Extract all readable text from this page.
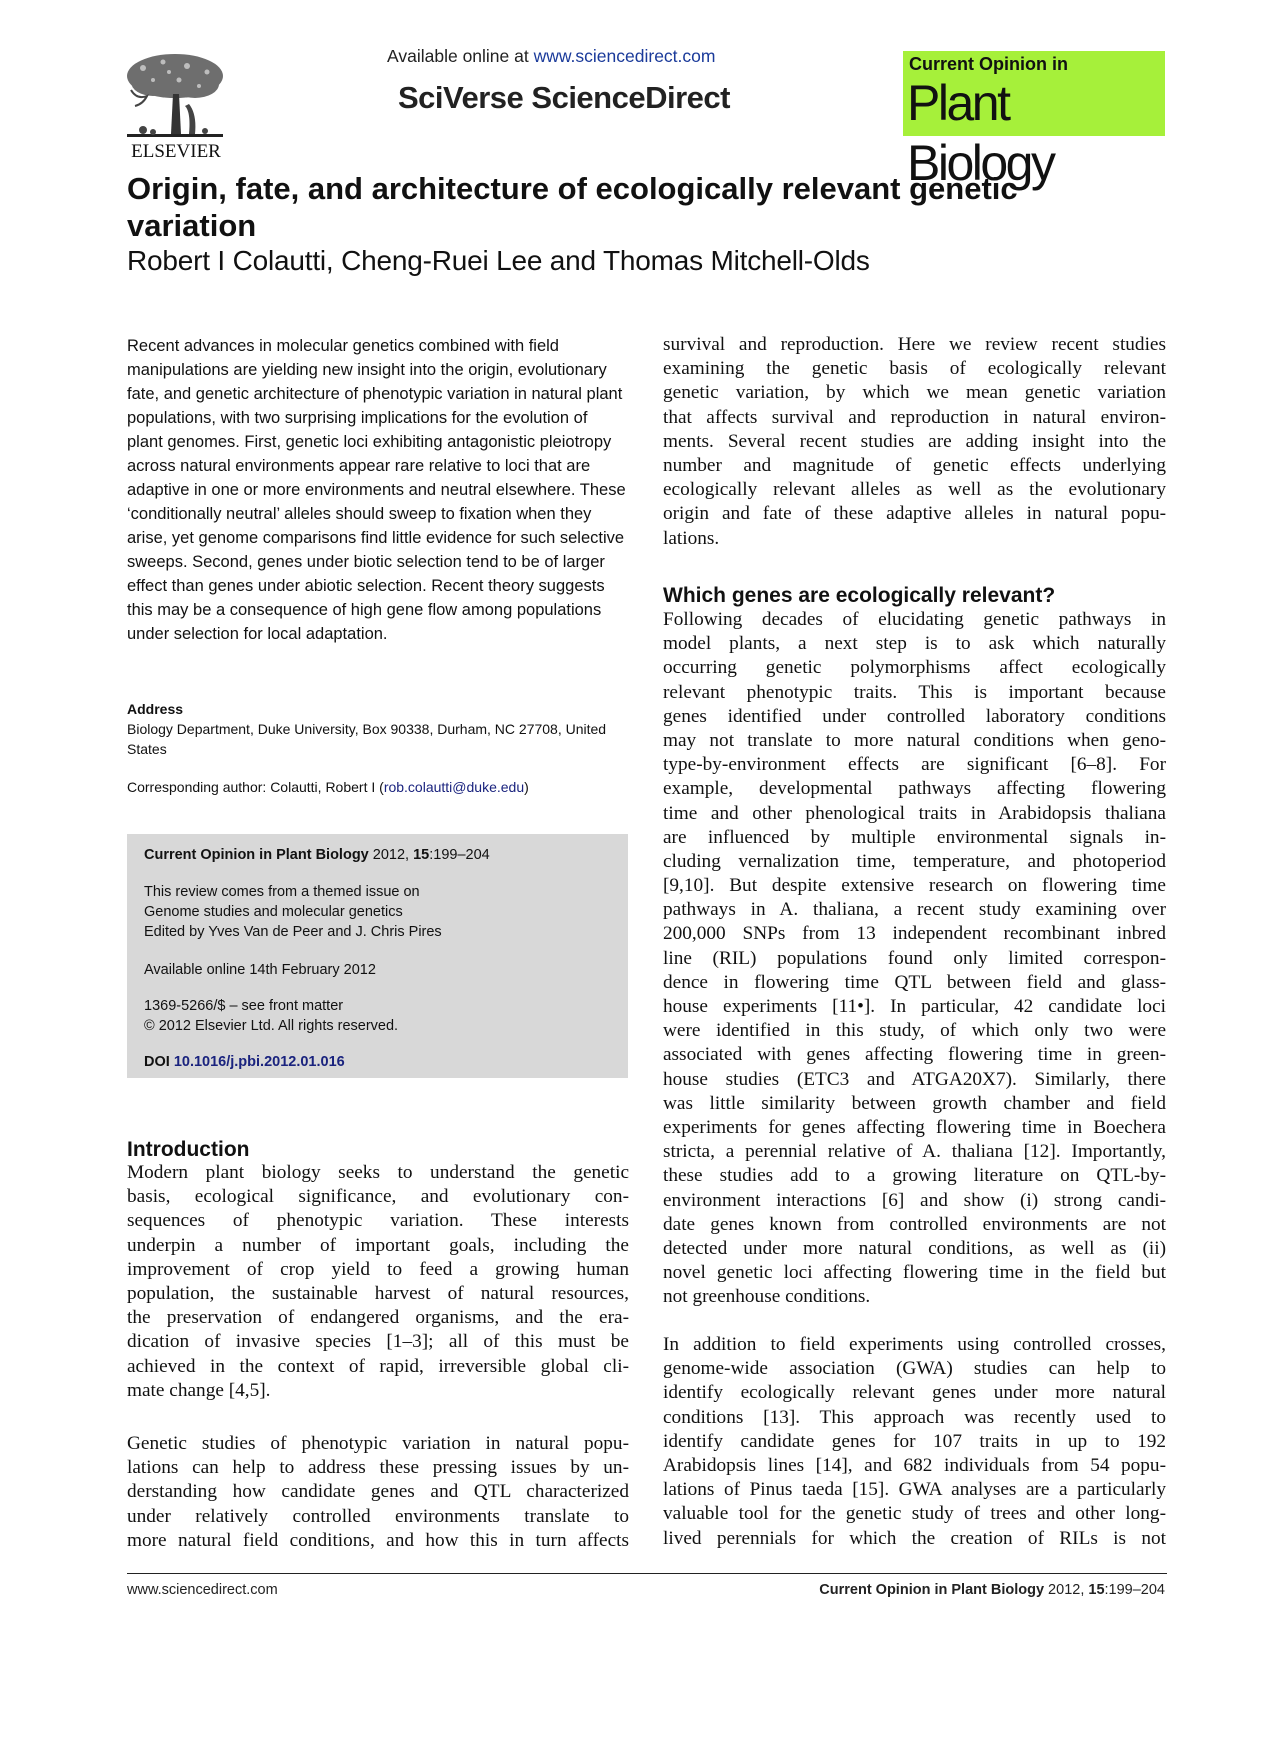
ELSEVIER
Available online at www.sciencedirect.com
SciVerse ScienceDirect
Current Opinion in
Plant Biology
Origin, fate, and architecture of ecologically relevant genetic variation
Robert I Colautti, Cheng-Ruei Lee and Thomas Mitchell-Olds

Recent advances in molecular genetics combined with field manipulations are yielding new insight into the origin, evolutionary fate, and genetic architecture of phenotypic variation in natural plant populations, with two surprising implications for the evolution of plant genomes. First, genetic loci exhibiting antagonistic pleiotropy across natural environments appear rare relative to loci that are adaptive in one or more environments and neutral elsewhere. These ‘conditionally neutral’ alleles should sweep to fixation when they arise, yet genome comparisons find little evidence for such selective sweeps. Second, genes under biotic selection tend to be of larger effect than genes under abiotic selection. Recent theory suggests this may be a consequence of high gene flow among populations under selection for local adaptation.

Address
Biology Department, Duke University, Box 90338, Durham, NC 27708, United States
Corresponding author: Colautti, Robert I (rob.colautti@duke.edu)
Current Opinion in Plant Biology 2012, 15:199–204
This review comes from a themed issue on
Genome studies and molecular genetics
Edited by Yves Van de Peer and J. Chris Pires
Available online 14th February 2012
1369-5266/$ – see front matter
© 2012 Elsevier Ltd. All rights reserved.
DOI 10.1016/j.pbi.2012.01.016
Introduction
Modern plant biology seeks to understand the genetic
basis, ecological significance, and evolutionary con-
sequences of phenotypic variation. These interests
underpin a number of important goals, including the
improvement of crop yield to feed a growing human
population, the sustainable harvest of natural resources,
the preservation of endangered organisms, and the era-
dication of invasive species [1–3]; all of this must be
achieved in the context of rapid, irreversible global cli-
mate change [4,5].
Genetic studies of phenotypic variation in natural popu-
lations can help to address these pressing issues by un-
derstanding how candidate genes and QTL characterized
under relatively controlled environments translate to
more natural field conditions, and how this in turn affects
survival and reproduction. Here we review recent studies
examining the genetic basis of ecologically relevant
genetic variation, by which we mean genetic variation
that affects survival and reproduction in natural environ-
ments. Several recent studies are adding insight into the
number and magnitude of genetic effects underlying
ecologically relevant alleles as well as the evolutionary
origin and fate of these adaptive alleles in natural popu-
lations.
Which genes are ecologically relevant?
Following decades of elucidating genetic pathways in
model plants, a next step is to ask which naturally
occurring genetic polymorphisms affect ecologically
relevant phenotypic traits. This is important because
genes identified under controlled laboratory conditions
may not translate to more natural conditions when geno-
type-by-environment effects are significant [6–8]. For
example, developmental pathways affecting flowering
time and other phenological traits in Arabidopsis thaliana
are influenced by multiple environmental signals in-
cluding vernalization time, temperature, and photoperiod
[9,10]. But despite extensive research on flowering time
pathways in A. thaliana, a recent study examining over
200,000 SNPs from 13 independent recombinant inbred
line (RIL) populations found only limited correspon-
dence in flowering time QTL between field and glass-
house experiments [11•]. In particular, 42 candidate loci
were identified in this study, of which only two were
associated with genes affecting flowering time in green-
house studies (ETC3 and ATGA20X7). Similarly, there
was little similarity between growth chamber and field
experiments for genes affecting flowering time in Boechera
stricta, a perennial relative of A. thaliana [12]. Importantly,
these studies add to a growing literature on QTL-by-
environment interactions [6] and show (i) strong candi-
date genes known from controlled environments are not
detected under more natural conditions, as well as (ii)
novel genetic loci affecting flowering time in the field but
not greenhouse conditions.
In addition to field experiments using controlled crosses,
genome-wide association (GWA) studies can help to
identify ecologically relevant genes under more natural
conditions [13]. This approach was recently used to
identify candidate genes for 107 traits in up to 192
Arabidopsis lines [14], and 682 individuals from 54 popu-
lations of Pinus taeda [15]. GWA analyses are a particularly
valuable tool for the genetic study of trees and other long-
lived perennials for which the creation of RILs is not
www.sciencedirect.com	Current Opinion in Plant Biology 2012, 15:199–204
